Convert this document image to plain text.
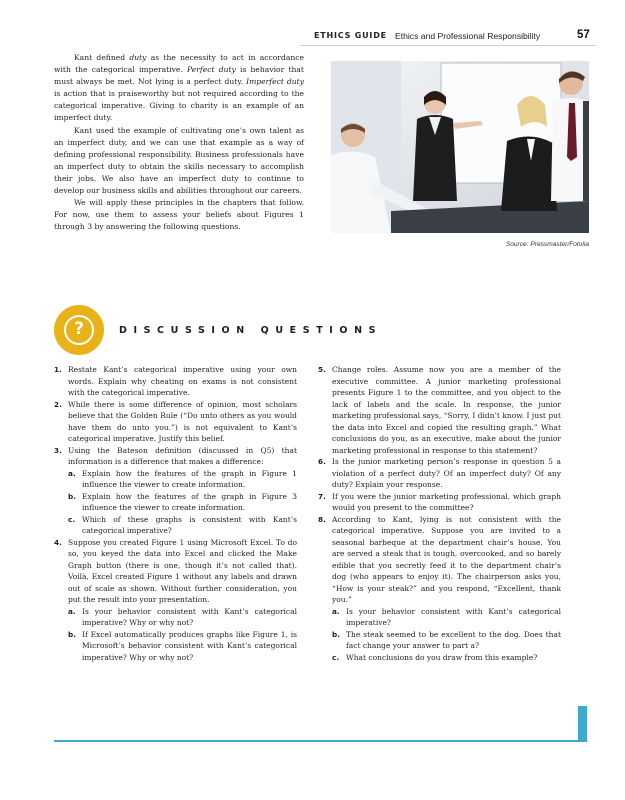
ETHICS GUIDE Ethics and Professional Responsibility	57

Kant defined duty as the necessity to act in accordance with the categorical imperative. Perfect duty is behavior that must always be met. Not lying is a perfect duty. Imperfect duty is action that is praiseworthy but not required according to the categorical imperative. Giving to charity is an example of an imperfect duty.

Kant used the example of cultivating one’s own talent as an imperfect duty, and we can use that example as a way of defining professional responsibility. Business professionals have an imperfect duty to obtain the skills necessary to accomplish their jobs. We also have an imperfect duty to continue to develop our business skills and abilities throughout our careers.

We will apply these principles in the chapters that follow. For now, use them to assess your beliefs about Figures 1 through 3 by answering the following questions.

Source: Pressmaster/Fotolia
?	DISCUSSION QUESTIONS
1. Restate Kant’s categorical imperative using your own words. Explain why cheating on exams is not consistent with the categorical imperative.
2. While there is some difference of opinion, most scholars believe that the Golden Rule (“Do unto others as you would have them do unto you.”) is not equivalent to Kant’s categorical imperative. Justify this belief.
3. Using the Bateson definition (discussed in Q5) that information is a difference that makes a difference:
a. Explain how the features of the graph in Figure 1 influence the viewer to create information.
b. Explain how the features of the graph in Figure 3 influence the viewer to create information.
c. Which of these graphs is consistent with Kant’s categorical imperative?
4. Suppose you created Figure 1 using Microsoft Excel. To do so, you keyed the data into Excel and clicked the Make Graph button (there is one, though it’s not called that). Voilà, Excel created Figure 1 without any labels and drawn out of scale as shown. Without further consideration, you put the result into your presentation.
a. Is your behavior consistent with Kant’s categorical imperative? Why or why not?
b. If Excel automatically produces graphs like Figure 1, is Microsoft’s behavior consistent with Kant’s categorical imperative? Why or why not?
5. Change roles. Assume now you are a member of the executive committee. A junior marketing professional presents Figure 1 to the committee, and you object to the lack of labels and the scale. In response, the junior marketing professional says, “Sorry, I didn’t know. I just put the data into Excel and copied the resulting graph.” What conclusions do you, as an executive, make about the junior marketing professional in response to this statement?
6. Is the junior marketing person’s response in question 5 a violation of a perfect duty? Of an imperfect duty? Of any duty? Explain your response.
7. If you were the junior marketing professional, which graph would you present to the committee?
8. According to Kant, lying is not consistent with the categorical imperative. Suppose you are invited to a seasonal barbeque at the department chair’s house. You are served a steak that is tough, overcooked, and so barely edible that you secretly feed it to the department chair’s dog (who appears to enjoy it). The chairperson asks you, “How is your steak?” and you respond, “Excellent, thank you.”
a. Is your behavior consistent with Kant’s categorical imperative?
b. The steak seemed to be excellent to the dog. Does that fact change your answer to part a?
c. What conclusions do you draw from this example?
